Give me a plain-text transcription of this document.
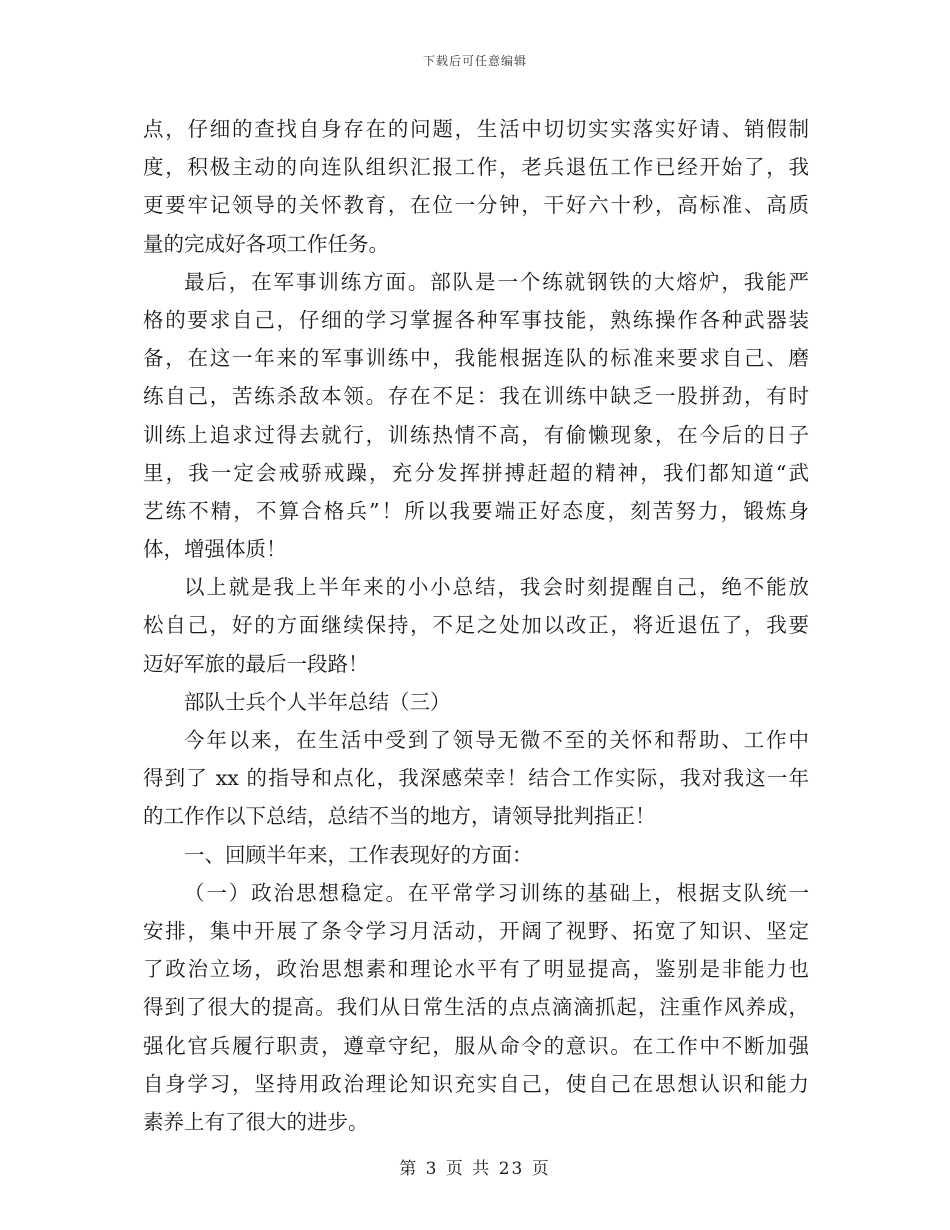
下载后可任意编辑
点，仔细的查找自身存在的问题，生活中切切实实落实好请、销假制
度，积极主动的向连队组织汇报工作，老兵退伍工作已经开始了，我
更要牢记领导的关怀教育，在位一分钟，干好六十秒，高标准、高质
量的完成好各项工作任务。
最后，在军事训练方面。部队是一个练就钢铁的大熔炉，我能严
格的要求自己，仔细的学习掌握各种军事技能，熟练操作各种武器装
备，在这一年来的军事训练中，我能根据连队的标准来要求自己、磨
练自己，苦练杀敌本领。存在不足：我在训练中缺乏一股拼劲，有时
训练上追求过得去就行，训练热情不高，有偷懒现象，在今后的日子
里，我一定会戒骄戒躁，充分发挥拼搏赶超的精神，我们都知道“武
艺练不精，不算合格兵”！所以我要端正好态度，刻苦努力，锻炼身
体，增强体质！
以上就是我上半年来的小小总结，我会时刻提醒自己，绝不能放
松自己，好的方面继续保持，不足之处加以改正，将近退伍了，我要
迈好军旅的最后一段路！
部队士兵个人半年总结（三）
今年以来，在生活中受到了领导无微不至的关怀和帮助、工作中
得到了 xx 的指导和点化，我深感荣幸！结合工作实际，我对我这一年
的工作作以下总结，总结不当的地方，请领导批判指正！
一、回顾半年来，工作表现好的方面：
（一）政治思想稳定。在平常学习训练的基础上，根据支队统一
安排，集中开展了条令学习月活动，开阔了视野、拓宽了知识、坚定
了政治立场，政治思想素和理论水平有了明显提高，鉴别是非能力也
得到了很大的提高。我们从日常生活的点点滴滴抓起，注重作风养成，
强化官兵履行职责，遵章守纪，服从命令的意识。在工作中不断加强
自身学习，坚持用政治理论知识充实自己，使自己在思想认识和能力
素养上有了很大的进步。
第 3 页 共 23 页
